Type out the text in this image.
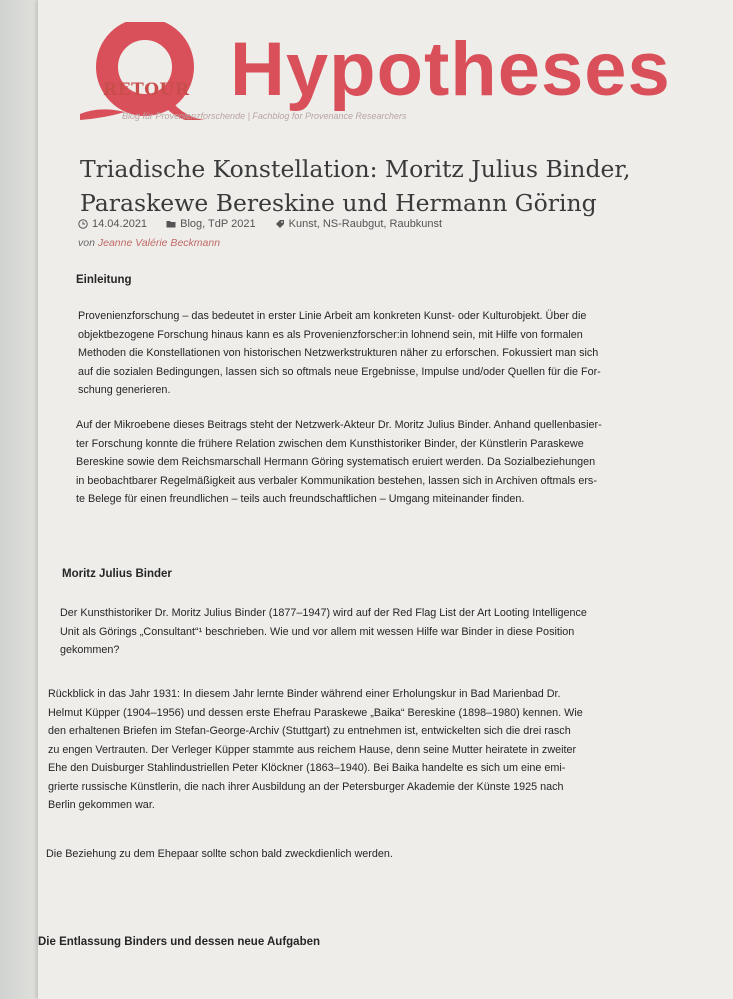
RETOUR Hypotheses
Blog für Provenienzforschende | Fachblog for Provenance Researchers
Triadische Konstellation: Moritz Julius Binder,
Paraskewe Bereskine und Hermann Göring
14.04.2021
	Blog, TdP 2021
	Kunst, NS-Raubgut, Raubkunst
von Jeanne Valérie Beckmann
Einleitung

Provenienzforschung – das bedeutet in erster Linie Arbeit am konkreten Kunst- oder Kulturobjekt. Über die
objektbezogene Forschung hinaus kann es als Provenienzforscher:in lohnend sein, mit Hilfe von formalen
Methoden die Konstellationen von historischen Netzwerkstrukturen näher zu erforschen. Fokussiert man sich
auf die sozialen Bedingungen, lassen sich so oftmals neue Ergebnisse, Impulse und/oder Quellen für die For-
schung generieren.

Auf der Mikroebene dieses Beitrags steht der Netzwerk-Akteur Dr. Moritz Julius Binder. Anhand quellenbasier-
ter Forschung konnte die frühere Relation zwischen dem Kunsthistoriker Binder, der Künstlerin Paraskewe
Bereskine sowie dem Reichsmarschall Hermann Göring systematisch eruiert werden. Da Sozialbeziehungen
in beobachtbarer Regelmäßigkeit aus verbaler Kommunikation bestehen, lassen sich in Archiven oftmals ers-
te Belege für einen freundlichen – teils auch freundschaftlichen – Umgang miteinander finden.

Moritz Julius Binder

Der Kunsthistoriker Dr. Moritz Julius Binder (1877–1947) wird auf der Red Flag List der Art Looting Intelligence
Unit als Görings „Consultant“¹ beschrieben. Wie und vor allem mit wessen Hilfe war Binder in diese Position
gekommen?

Rückblick in das Jahr 1931: In diesem Jahr lernte Binder während einer Erholungskur in Bad Marienbad Dr.
Helmut Küpper (1904–1956) und dessen erste Ehefrau Paraskewe „Baika“ Bereskine (1898–1980) kennen. Wie
den erhaltenen Briefen im Stefan-George-Archiv (Stuttgart) zu entnehmen ist, entwickelten sich die drei rasch
zu engen Vertrauten. Der Verleger Küpper stammte aus reichem Hause, denn seine Mutter heiratete in zweiter
Ehe den Duisburger Stahlindustriellen Peter Klöckner (1863–1940). Bei Baika handelte es sich um eine emi-
grierte russische Künstlerin, die nach ihrer Ausbildung an der Petersburger Akademie der Künste 1925 nach
Berlin gekommen war.

Die Beziehung zu dem Ehepaar sollte schon bald zweckdienlich werden.

Die Entlassung Binders und dessen neue Aufgaben
